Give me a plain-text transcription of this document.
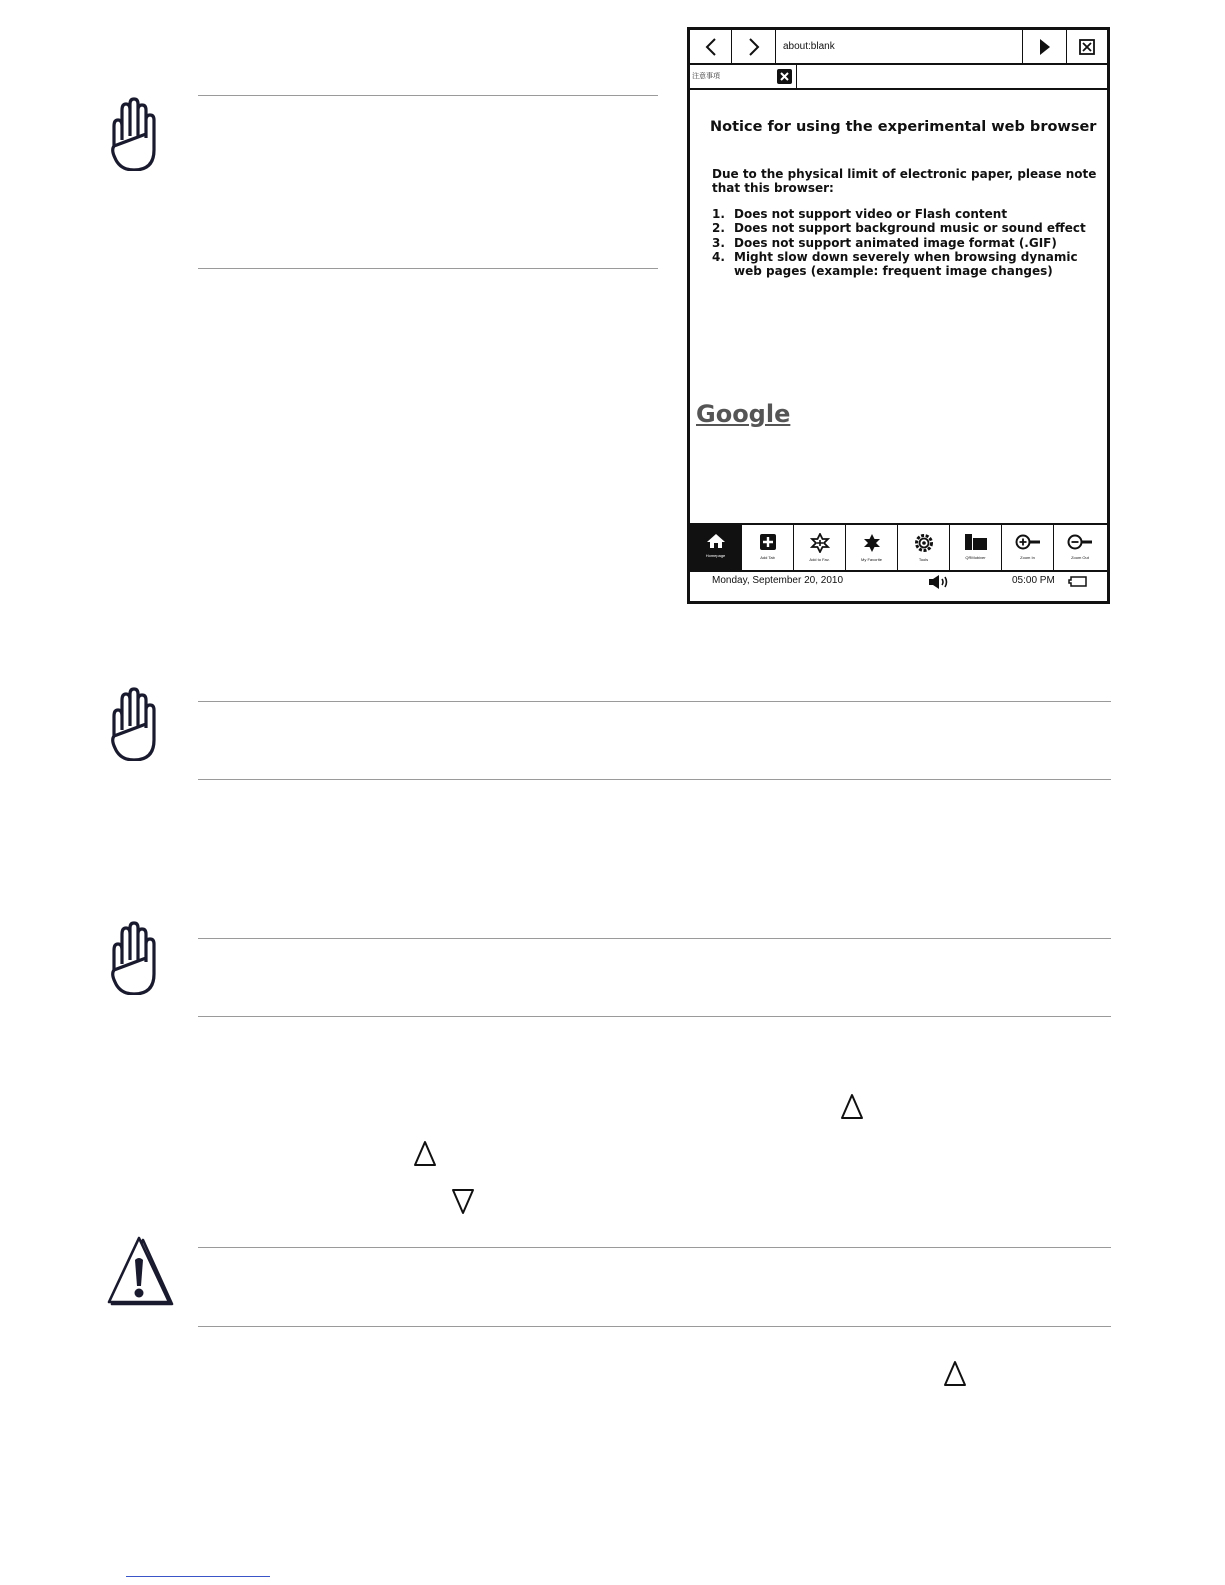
about:blank
注意事項
Notice for using the experimental web browser
Due to the physical limit of electronic paper, please note that this browser:
1. Does not support video or Flash content
2. Does not support background music or sound effect
3. Does not support animated image format (.GIF)
4. Might slow down severely when browsing dynamic web pages (example: frequent image changes)
Google
Homepage	Add Tab	Add to Fav.	My Favorite	Tools	QRMobiver	Zoom In	Zoom Out
Monday, September 20, 2010	05:00 PM
